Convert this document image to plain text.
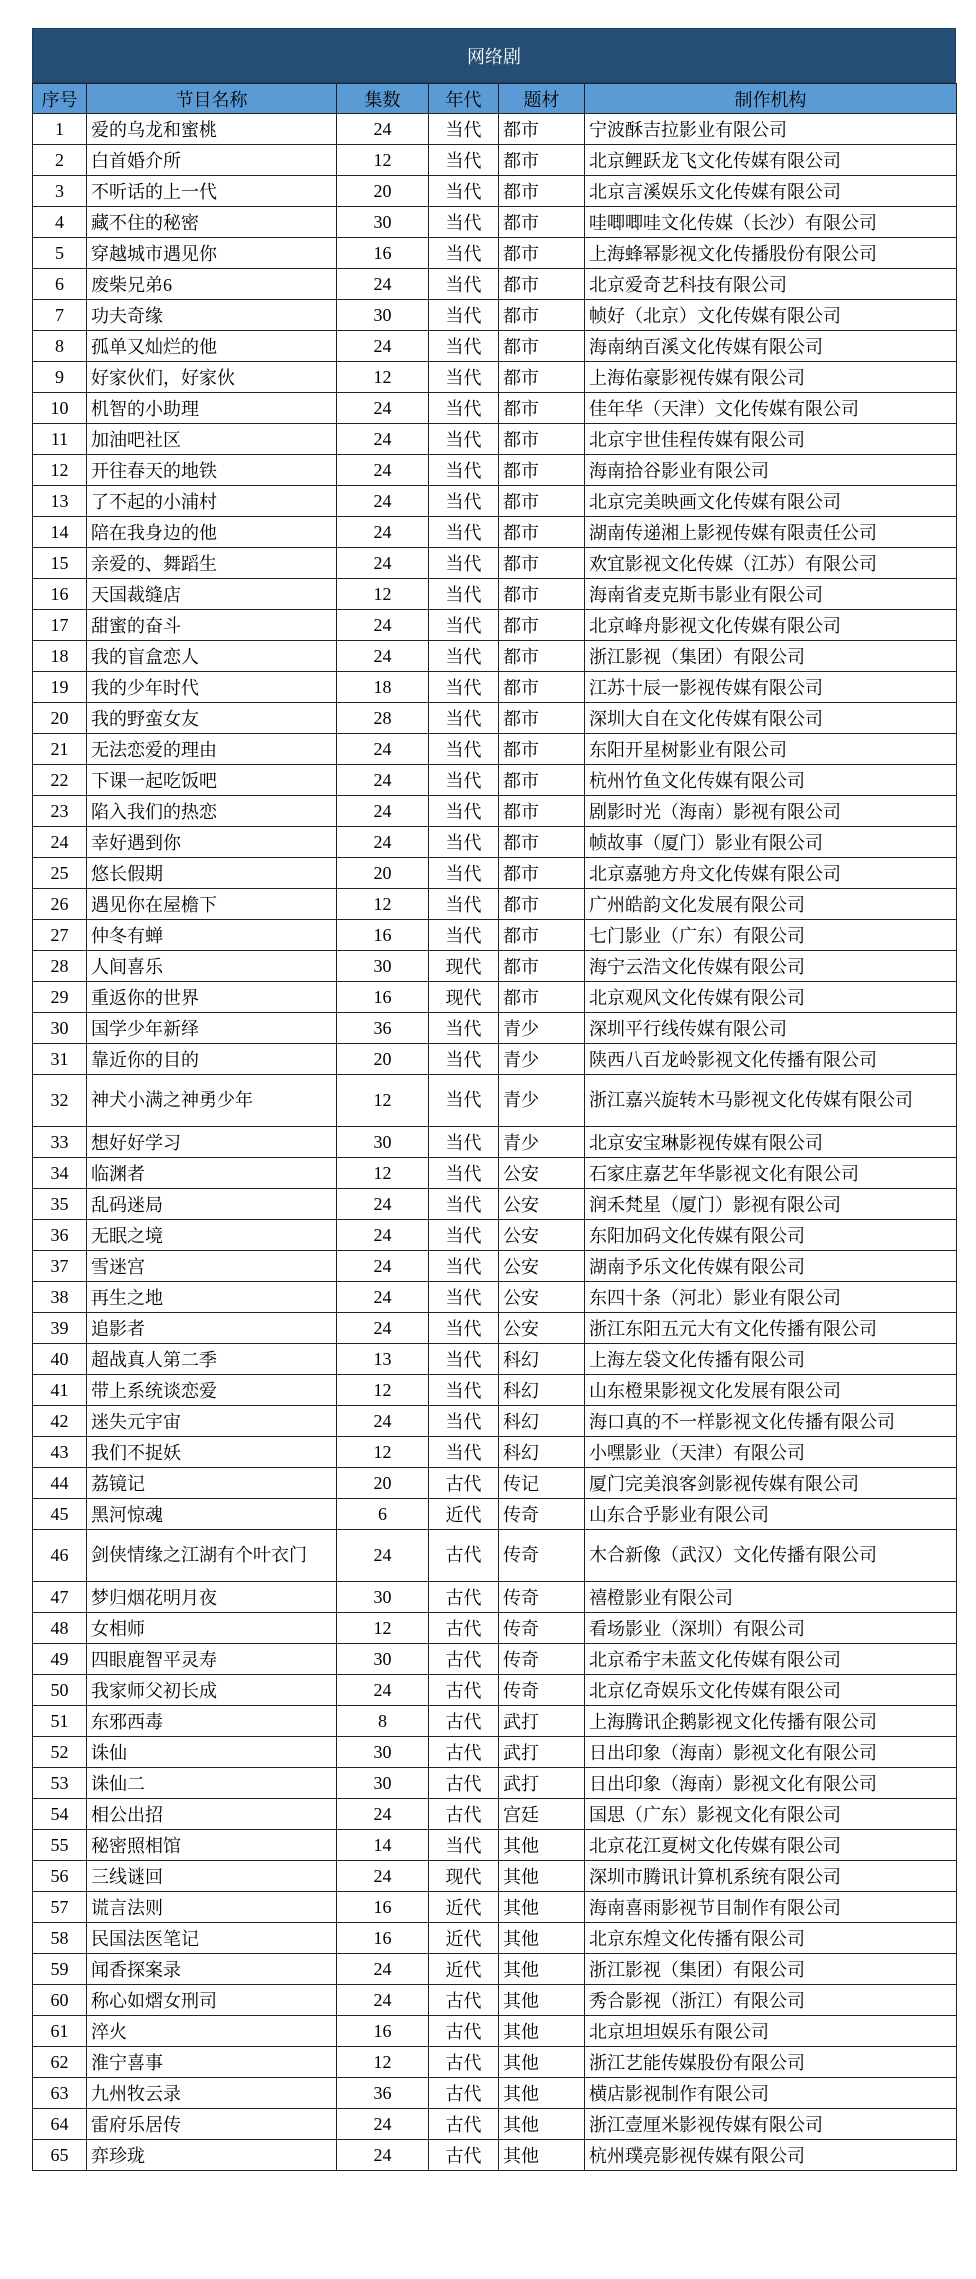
网络剧
序号	节目名称	集数	年代	题材	制作机构
1	爱的乌龙和蜜桃	24	当代	都市	宁波酥吉拉影业有限公司
2	白首婚介所	12	当代	都市	北京鲤跃龙飞文化传媒有限公司
3	不听话的上一代	20	当代	都市	北京言溪娱乐文化传媒有限公司
4	藏不住的秘密	30	当代	都市	哇唧唧哇文化传媒（长沙）有限公司
5	穿越城市遇见你	16	当代	都市	上海蜂幂影视文化传播股份有限公司
6	废柴兄弟6	24	当代	都市	北京爱奇艺科技有限公司
7	功夫奇缘	30	当代	都市	帧好（北京）文化传媒有限公司
8	孤单又灿烂的他	24	当代	都市	海南纳百溪文化传媒有限公司
9	好家伙们，好家伙	12	当代	都市	上海佑豪影视传媒有限公司
10	机智的小助理	24	当代	都市	佳年华（天津）文化传媒有限公司
11	加油吧社区	24	当代	都市	北京宇世佳程传媒有限公司
12	开往春天的地铁	24	当代	都市	海南拾谷影业有限公司
13	了不起的小浦村	24	当代	都市	北京完美映画文化传媒有限公司
14	陪在我身边的他	24	当代	都市	湖南传递湘上影视传媒有限责任公司
15	亲爱的、舞蹈生	24	当代	都市	欢宜影视文化传媒（江苏）有限公司
16	天国裁缝店	12	当代	都市	海南省麦克斯韦影业有限公司
17	甜蜜的奋斗	24	当代	都市	北京峰舟影视文化传媒有限公司
18	我的盲盒恋人	24	当代	都市	浙江影视（集团）有限公司
19	我的少年时代	18	当代	都市	江苏十辰一影视传媒有限公司
20	我的野蛮女友	28	当代	都市	深圳大自在文化传媒有限公司
21	无法恋爱的理由	24	当代	都市	东阳开星树影业有限公司
22	下课一起吃饭吧	24	当代	都市	杭州竹鱼文化传媒有限公司
23	陷入我们的热恋	24	当代	都市	剧影时光（海南）影视有限公司
24	幸好遇到你	24	当代	都市	帧故事（厦门）影业有限公司
25	悠长假期	20	当代	都市	北京嘉驰方舟文化传媒有限公司
26	遇见你在屋檐下	12	当代	都市	广州皓韵文化发展有限公司
27	仲冬有蝉	16	当代	都市	七门影业（广东）有限公司
28	人间喜乐	30	现代	都市	海宁云浩文化传媒有限公司
29	重返你的世界	16	现代	都市	北京观风文化传媒有限公司
30	国学少年新绎	36	当代	青少	深圳平行线传媒有限公司
31	靠近你的目的	20	当代	青少	陕西八百龙岭影视文化传播有限公司
32	神犬小满之神勇少年	12	当代	青少	浙江嘉兴旋转木马影视文化传媒有限公司
33	想好好学习	30	当代	青少	北京安宝琳影视传媒有限公司
34	临渊者	12	当代	公安	石家庄嘉艺年华影视文化有限公司
35	乱码迷局	24	当代	公安	润禾梵星（厦门）影视有限公司
36	无眠之境	24	当代	公安	东阳加码文化传媒有限公司
37	雪迷宫	24	当代	公安	湖南予乐文化传媒有限公司
38	再生之地	24	当代	公安	东四十条（河北）影业有限公司
39	追影者	24	当代	公安	浙江东阳五元大有文化传播有限公司
40	超战真人第二季	13	当代	科幻	上海左袋文化传播有限公司
41	带上系统谈恋爱	12	当代	科幻	山东橙果影视文化发展有限公司
42	迷失元宇宙	24	当代	科幻	海口真的不一样影视文化传播有限公司
43	我们不捉妖	12	当代	科幻	小嘿影业（天津）有限公司
44	荔镜记	20	古代	传记	厦门完美浪客剑影视传媒有限公司
45	黑河惊魂	6	近代	传奇	山东合乎影业有限公司
46	剑侠情缘之江湖有个叶衣门	24	古代	传奇	木合新像（武汉）文化传播有限公司
47	梦归烟花明月夜	30	古代	传奇	禧橙影业有限公司
48	女相师	12	古代	传奇	看场影业（深圳）有限公司
49	四眼鹿智平灵寿	30	古代	传奇	北京希宇未蓝文化传媒有限公司
50	我家师父初长成	24	古代	传奇	北京亿奇娱乐文化传媒有限公司
51	东邪西毒	8	古代	武打	上海腾讯企鹅影视文化传播有限公司
52	诛仙	30	古代	武打	日出印象（海南）影视文化有限公司
53	诛仙二	30	古代	武打	日出印象（海南）影视文化有限公司
54	相公出招	24	古代	宫廷	国思（广东）影视文化有限公司
55	秘密照相馆	14	当代	其他	北京花江夏树文化传媒有限公司
56	三线谜回	24	现代	其他	深圳市腾讯计算机系统有限公司
57	谎言法则	16	近代	其他	海南喜雨影视节目制作有限公司
58	民国法医笔记	16	近代	其他	北京东煌文化传播有限公司
59	闻香探案录	24	近代	其他	浙江影视（集团）有限公司
60	称心如熠女刑司	24	古代	其他	秀合影视（浙江）有限公司
61	淬火	16	古代	其他	北京坦坦娱乐有限公司
62	淮宁喜事	12	古代	其他	浙江艺能传媒股份有限公司
63	九州牧云录	36	古代	其他	横店影视制作有限公司
64	雷府乐居传	24	古代	其他	浙江壹厘米影视传媒有限公司
65	弈珍珑	24	古代	其他	杭州璞亮影视传媒有限公司
